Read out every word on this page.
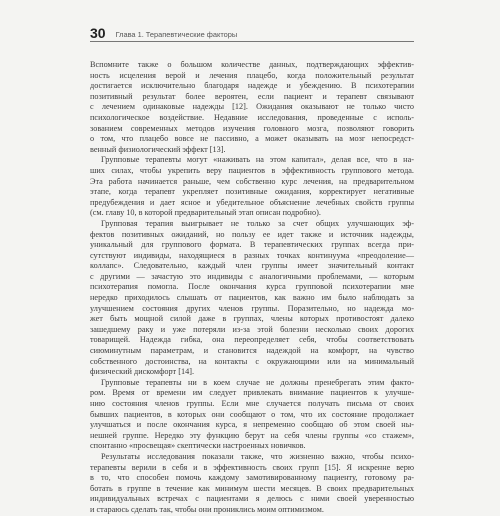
30 Глава 1. Терапевтические факторы

Вспомните также о большом количестве данных, подтверждающих эффектив-
ность исцеления верой и лечения плацебо, когда положительный результат
достигается исключительно благодаря надежде и убеждению. В психотерапии
позитивный результат более вероятен, если пациент и терапевт связывают
с лечением одинаковые надежды [12]. Ожидания оказывают не только чисто
психологическое воздействие. Недавние исследования, проведенные с исполь-
зованием современных методов изучения головного мозга, позволяют говорить
о том, что плацебо вовсе не пассивно, а может оказывать на мозг непосредст-
венный физиологический эффект [13].

Групповые терапевты могут «наживать на этом капитал», делая все, что в на-
ших силах, чтобы укрепить веру пациентов в эффективность группового метода.
Эта работа начинается раньше, чем собственно курс лечения, на предварительном
этапе, когда терапевт укрепляет позитивные ожидания, корректирует негативные
предубеждения и дает ясное и убедительное объяснение лечебных свойств группы
(см. главу 10, в которой предварительный этап описан подробно).

Групповая терапия выигрывает не только за счет общих улучшающих эф-
фектов позитивных ожиданий, но пользу ее идет также и источник надежды,
уникальный для группового формата. В терапевтических группах всегда при-
сутствуют индивиды, находящиеся в разных точках континуума «преодоление—
коллапс». Следовательно, каждый член группы имеет значительный контакт
с другими — зачастую это индивиды с аналогичными проблемами, — которым
психотерапия помогла. После окончания курса групповой психотерапии мне
нередко приходилось слышать от пациентов, как важно им было наблюдать за
улучшением состояния других членов группы. Поразительно, но надежда мо-
жет быть мощной силой даже в группах, члены которых противостоят далеко
зашедшему раку и уже потеряли из-за этой болезни несколько своих дорогих
товарищей. Надежда гибка, она переопределяет себя, чтобы соответствовать
сиюминутным параметрам, и становится надеждой на комфорт, на чувство
собственного достоинства, на контакты с окружающими или на минимальный
физический дискомфорт [14].

Групповые терапевты ни в коем случае не должны пренебрегать этим факто-
ром. Время от времени им следует привлекать внимание пациентов к улучше-
нию состояния членов группы. Если мне случается получать письма от своих
бывших пациентов, в которых они сообщают о том, что их состояние продолжает
улучшаться и после окончания курса, я непременно сообщаю об этом своей ны-
нешней группе. Нередко эту функцию берут на себя члены группы «со стажем»,
спонтанно «просвещая» скептически настроенных новичков.

Результаты исследования показали также, что жизненно важно, чтобы психо-
терапевты верили в себя и в эффективность своих групп [15]. Я искренне верю
в то, что способен помочь каждому замотивированному пациенту, готовому ра-
ботать в группе в течение как минимум шести месяцев. В своих предварительных
индивидуальных встречах с пациентами я делюсь с ними своей уверенностью
и стараюсь сделать так, чтобы они прониклись моим оптимизмом.
